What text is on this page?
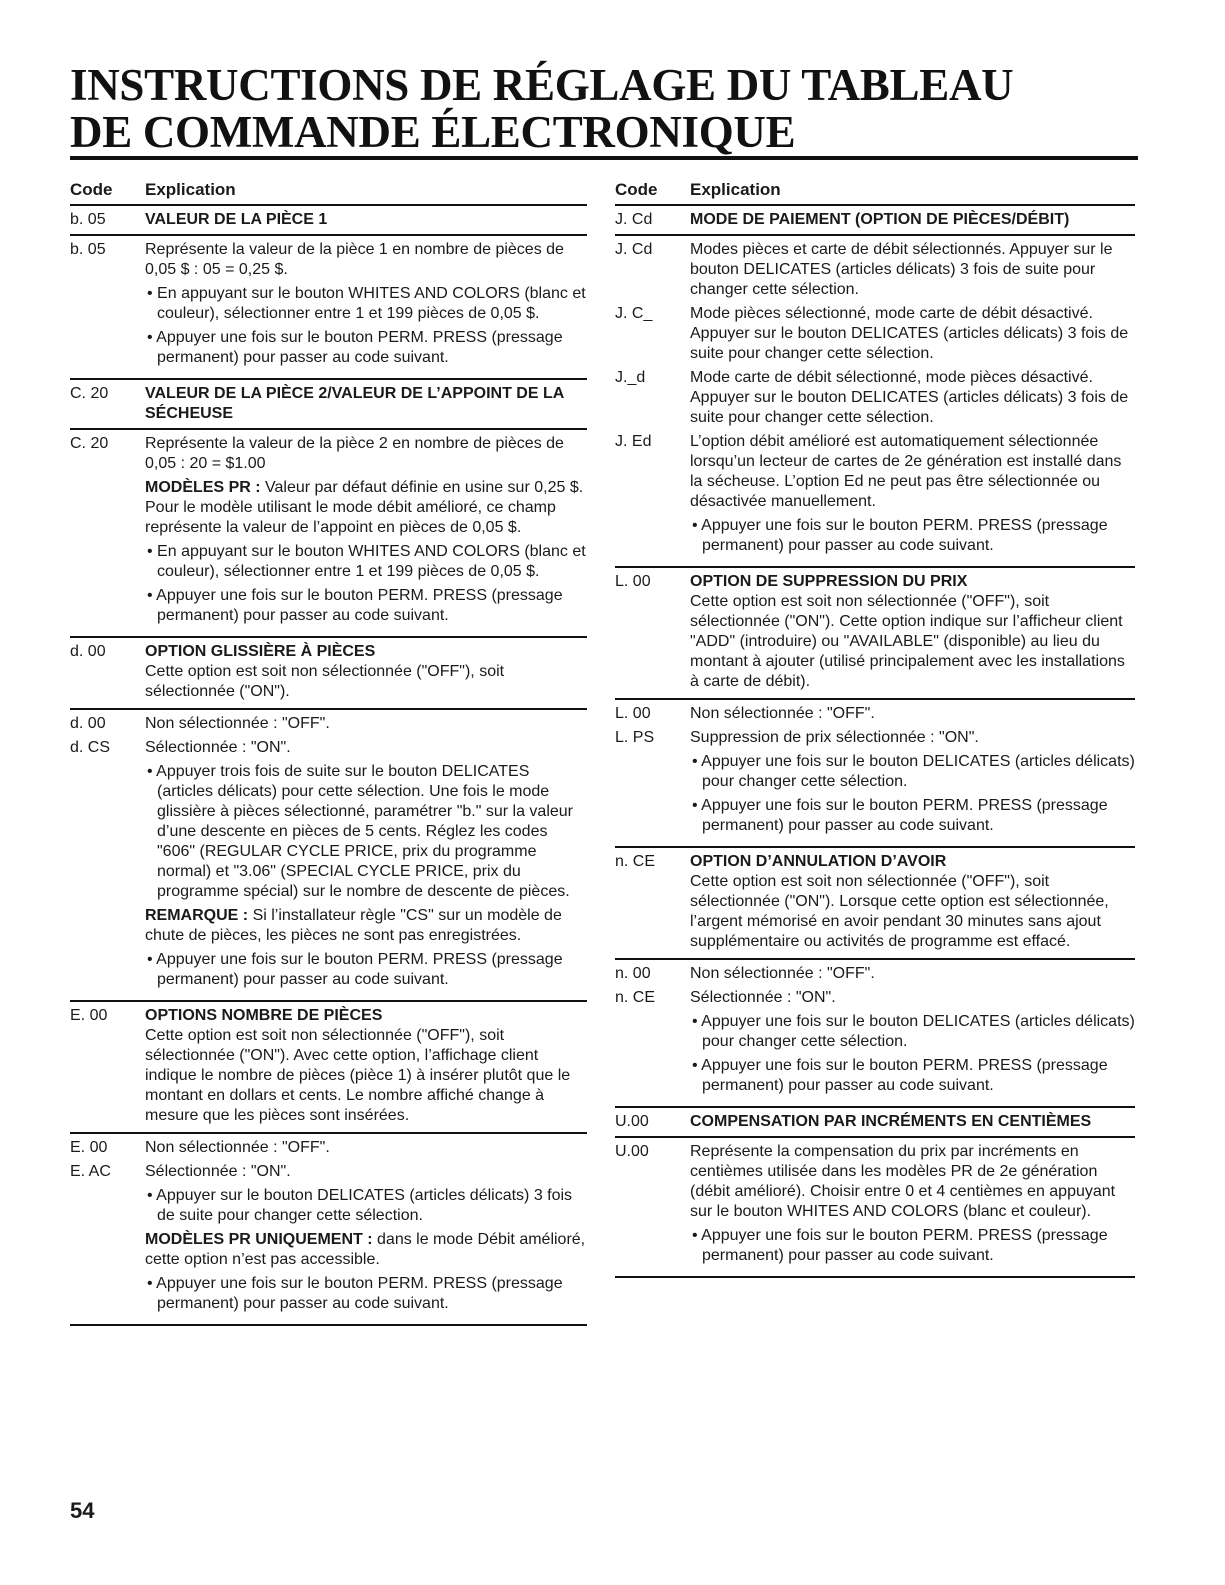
INSTRUCTIONS DE RÉGLAGE DU TABLEAU
DE COMMANDE ÉLECTRONIQUE
Code	Explication
b. 05	VALEUR DE LA PIÈCE 1
b. 05	Représente la valeur de la pièce 1 en nombre de pièces de 0,05 $ : 05 = 0,25 $.

• En appuyant sur le bouton WHITES AND COLORS (blanc et couleur), sélectionner entre 1 et 199 pièces de 0,05 $.

• Appuyer une fois sur le bouton PERM. PRESS (pressage permanent) pour passer au code suivant.

C. 20	VALEUR DE LA PIÈCE 2/VALEUR DE L’APPOINT DE LA SÉCHEUSE
C. 20	Représente la valeur de la pièce 2 en nombre de pièces de 0,05 : 20 = $1.00

MODÈLES PR : Valeur par défaut définie en usine sur 0,25 $. Pour le modèle utilisant le mode débit amélioré, ce champ représente la valeur de l’appoint en pièces de 0,05 $.

• En appuyant sur le bouton WHITES AND COLORS (blanc et couleur), sélectionner entre 1 et 199 pièces de 0,05 $.

• Appuyer une fois sur le bouton PERM. PRESS (pressage permanent) pour passer au code suivant.

d. 00	OPTION GLISSIÈRE À PIÈCES

Cette option est soit non sélectionnée ("OFF"), soit sélectionnée ("ON").

d. 00	Non sélectionnée : "OFF".

d. CS	Sélectionnée : "ON".

• Appuyer trois fois de suite sur le bouton DELICATES (articles délicats) pour cette sélection. Une fois le mode glissière à pièces sélectionné, paramétrer "b." sur la valeur d’une descente en pièces de 5 cents. Réglez les codes "606" (REGULAR CYCLE PRICE, prix du programme normal) et "3.06" (SPECIAL CYCLE PRICE, prix du programme spécial) sur le nombre de descente de pièces.

REMARQUE : Si l’installateur règle "CS" sur un modèle de chute de pièces, les pièces ne sont pas enregistrées.

• Appuyer une fois sur le bouton PERM. PRESS (pressage permanent) pour passer au code suivant.

E. 00	OPTIONS NOMBRE DE PIÈCES

Cette option est soit non sélectionnée ("OFF"), soit sélectionnée ("ON"). Avec cette option, l’affichage client indique le nombre de pièces (pièce 1) à insérer plutôt que le montant en dollars et cents. Le nombre affiché change à mesure que les pièces sont insérées.

E. 00	Non sélectionnée : "OFF".

E. AC	Sélectionnée : "ON".

• Appuyer sur le bouton DELICATES (articles délicats) 3 fois de suite pour changer cette sélection.

MODÈLES PR UNIQUEMENT : dans le mode Débit amélioré, cette option n’est pas accessible.

• Appuyer une fois sur le bouton PERM. PRESS (pressage permanent) pour passer au code suivant.

Code	Explication
J. Cd	MODE DE PAIEMENT (OPTION DE PIÈCES/DÉBIT)
J. Cd	Modes pièces et carte de débit sélectionnés. Appuyer sur le bouton DELICATES (articles délicats) 3 fois de suite pour changer cette sélection.

J. C_	Mode pièces sélectionné, mode carte de débit désactivé. Appuyer sur le bouton DELICATES (articles délicats) 3 fois de suite pour changer cette sélection.

J._d	Mode carte de débit sélectionné, mode pièces désactivé. Appuyer sur le bouton DELICATES (articles délicats) 3 fois de suite pour changer cette sélection.

J. Ed	L’option débit amélioré est automatiquement sélectionnée lorsqu’un lecteur de cartes de 2e génération est installé dans la sécheuse. L’option Ed ne peut pas être sélectionnée ou désactivée manuellement.

• Appuyer une fois sur le bouton PERM. PRESS (pressage permanent) pour passer au code suivant.

L. 00	OPTION DE SUPPRESSION DU PRIX

Cette option est soit non sélectionnée ("OFF"), soit sélectionnée ("ON"). Cette option indique sur l’afficheur client "ADD" (introduire) ou "AVAILABLE" (disponible) au lieu du montant à ajouter (utilisé principalement avec les installations à carte de débit).

L. 00	Non sélectionnée : "OFF".

L. PS	Suppression de prix sélectionnée : "ON".

• Appuyer une fois sur le bouton DELICATES (articles délicats) pour changer cette sélection.

• Appuyer une fois sur le bouton PERM. PRESS (pressage permanent) pour passer au code suivant.

n. CE	OPTION D’ANNULATION D’AVOIR

Cette option est soit non sélectionnée ("OFF"), soit sélectionnée ("ON"). Lorsque cette option est sélectionnée, l’argent mémorisé en avoir pendant 30 minutes sans ajout supplémentaire ou activités de programme est effacé.

n. 00	Non sélectionnée : "OFF".

n. CE	Sélectionnée : "ON".

• Appuyer une fois sur le bouton DELICATES (articles délicats) pour changer cette sélection.

• Appuyer une fois sur le bouton PERM. PRESS (pressage permanent) pour passer au code suivant.

U.00	COMPENSATION PAR INCRÉMENTS EN CENTIÈMES
U.00	Représente la compensation du prix par incréments en centièmes utilisée dans les modèles PR de 2e génération (débit amélioré). Choisir entre 0 et 4 centièmes en appuyant sur le bouton WHITES AND COLORS (blanc et couleur).

• Appuyer une fois sur le bouton PERM. PRESS (pressage permanent) pour passer au code suivant.

54
